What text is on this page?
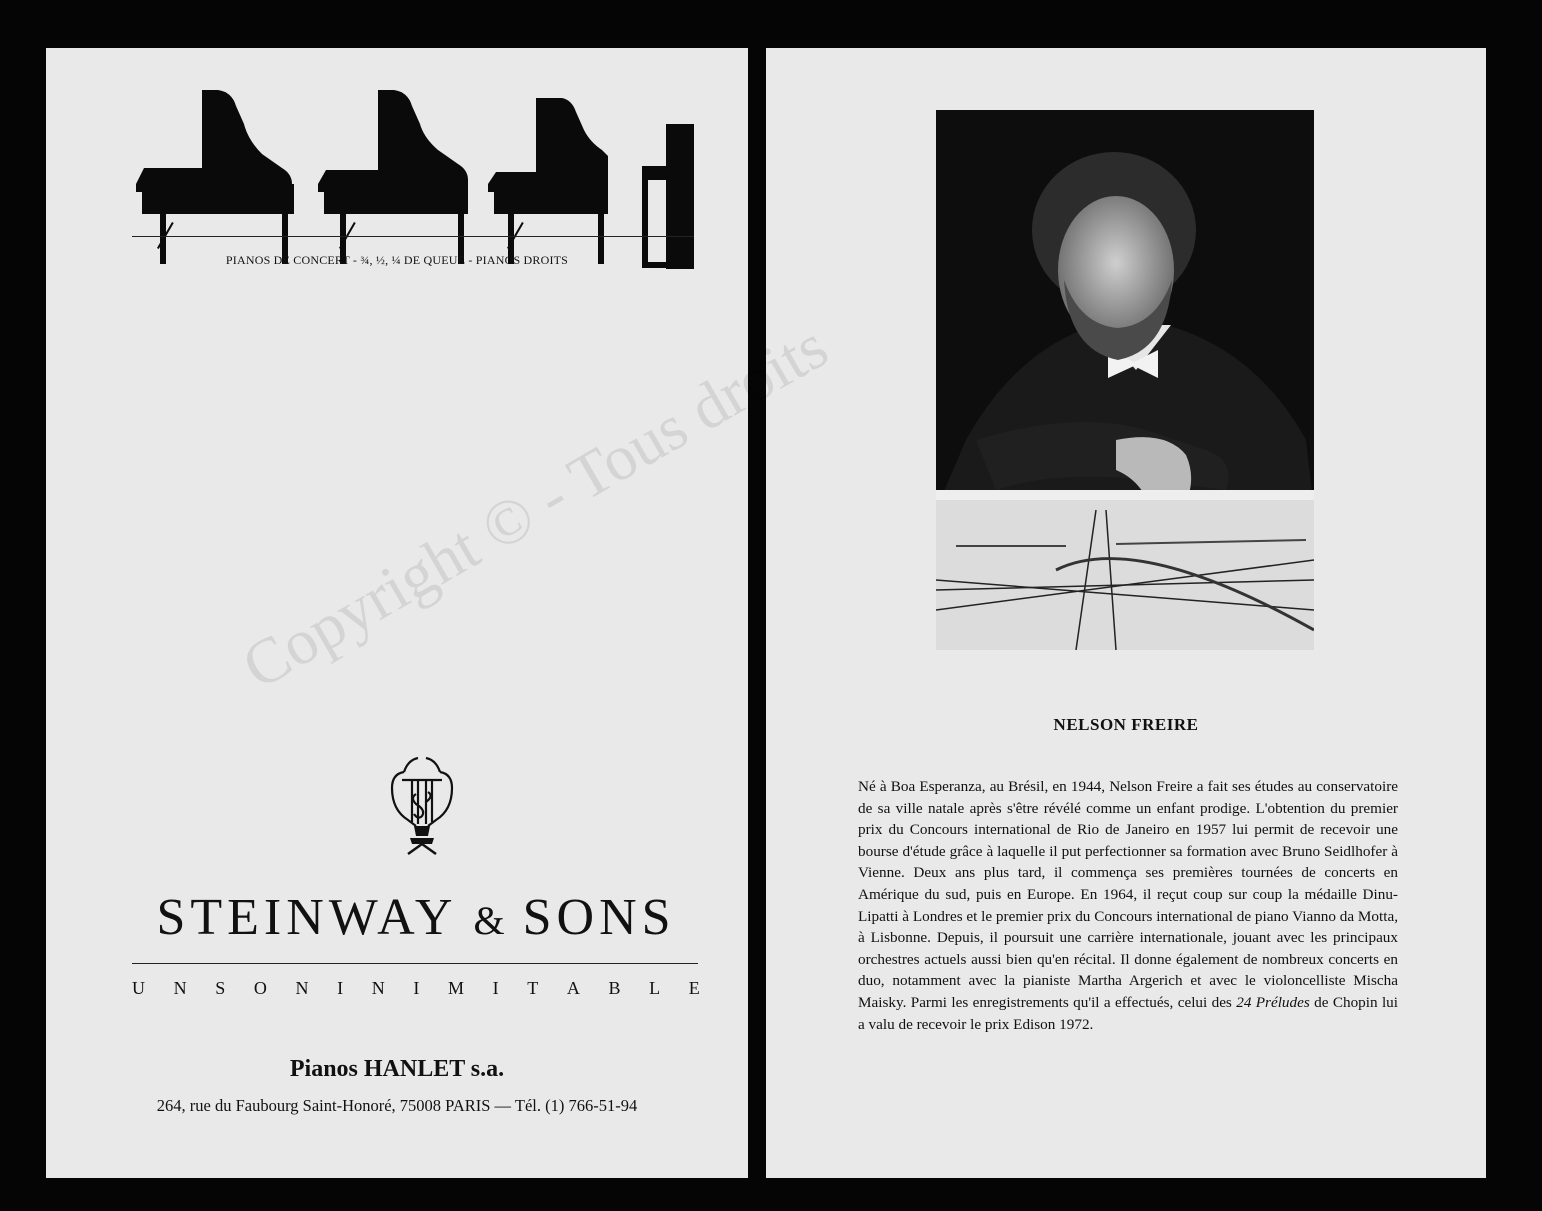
PIANOS DE CONCERT - ¾, ½, ¼ DE QUEUE - PIANOS DROITS
STEINWAY & SONS
U N S O N I N I M I T A B L E
Pianos HANLET s.a.
264, rue du Faubourg Saint-Honoré, 75008 PARIS — Tél. (1) 766-51-94
NELSON FREIRE
Né à Boa Esperanza, au Brésil, en 1944, Nelson Freire a fait ses études au conservatoire de sa ville natale après s'être révélé comme un enfant prodige. L'obtention du premier prix du Concours international de Rio de Janeiro en 1957 lui permit de recevoir une bourse d'étude grâce à laquelle il put perfectionner sa formation avec Bruno Seidlhofer à Vienne. Deux ans plus tard, il commença ses premières tournées de concerts en Amérique du sud, puis en Europe. En 1964, il reçut coup sur coup la médaille Dinu-Lipatti à Londres et le premier prix du Concours international de piano Vianno da Motta, à Lisbonne. Depuis, il poursuit une carrière internationale, jouant avec les principaux orchestres actuels aussi bien qu'en récital. Il donne également de nombreux concerts en duo, notamment avec la pianiste Martha Argerich et avec le violoncelliste Mischa Maisky. Parmi les enregistrements qu'il a effectués, celui des 24 Préludes de Chopin lui a valu de recevoir le prix Edison 1972.
droits
